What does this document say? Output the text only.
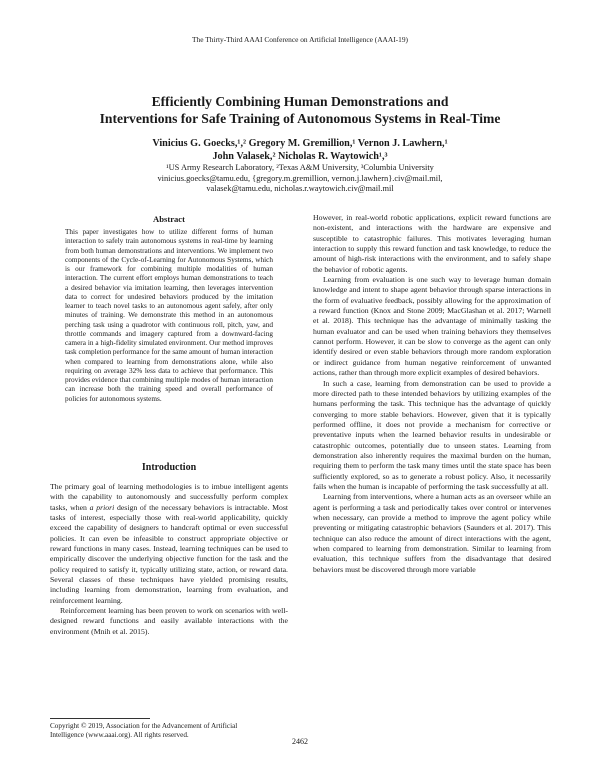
The Thirty-Third AAAI Conference on Artificial Intelligence (AAAI-19)
Efficiently Combining Human Demonstrations and
Interventions for Safe Training of Autonomous Systems in Real-Time
Vinicius G. Goecks,¹,² Gregory M. Gremillion,¹ Vernon J. Lawhern,¹
John Valasek,² Nicholas R. Waytowich¹,³
¹US Army Research Laboratory, ²Texas A&M University, ³Columbia University
vinicius.goecks@tamu.edu, {gregory.m.gremillion, vernon.j.lawhern}.civ@mail.mil,
valasek@tamu.edu, nicholas.r.waytowich.civ@mail.mil
Abstract
This paper investigates how to utilize different forms of human interaction to safely train autonomous systems in real-time by learning from both human demonstrations and interventions. We implement two components of the Cycle-of-Learning for Autonomous Systems, which is our framework for combining multiple modalities of human interaction. The current effort employs human demonstrations to teach a desired behavior via imitation learning, then leverages intervention data to correct for undesired behaviors produced by the imitation learner to teach novel tasks to an autonomous agent safely, after only minutes of training. We demonstrate this method in an autonomous perching task using a quadrotor with continuous roll, pitch, yaw, and throttle commands and imagery captured from a downward-facing camera in a high-fidelity simulated environment. Our method improves task completion performance for the same amount of human interaction when compared to learning from demonstrations alone, while also requiring on average 32% less data to achieve that performance. This provides evidence that combining multiple modes of human interaction can increase both the training speed and overall performance of policies for autonomous systems.
Introduction

The primary goal of learning methodologies is to imbue intelligent agents with the capability to autonomously and successfully perform complex tasks, when a priori design of the necessary behaviors is intractable. Most tasks of interest, especially those with real-world applicability, quickly exceed the capability of designers to handcraft optimal or even successful policies. It can even be infeasible to construct appropriate objective or reward functions in many cases. Instead, learning techniques can be used to empirically discover the underlying objective function for the task and the policy required to satisfy it, typically utilizing state, action, or reward data. Several classes of these techniques have yielded promising results, including learning from demonstration, learning from evaluation, and reinforcement learning.

Reinforcement learning has been proven to work on scenarios with well-designed reward functions and easily available interactions with the environment (Mnih et al. 2015).

However, in real-world robotic applications, explicit reward functions are non-existent, and interactions with the hardware are expensive and susceptible to catastrophic failures. This motivates leveraging human interaction to supply this reward function and task knowledge, to reduce the amount of high-risk interactions with the environment, and to safely shape the behavior of robotic agents.

Learning from evaluation is one such way to leverage human domain knowledge and intent to shape agent behavior through sparse interactions in the form of evaluative feedback, possibly allowing for the approximation of a reward function (Knox and Stone 2009; MacGlashan et al. 2017; Warnell et al. 2018). This technique has the advantage of minimally tasking the human evaluator and can be used when training behaviors they themselves cannot perform. However, it can be slow to converge as the agent can only identify desired or even stable behaviors through more random exploration or indirect guidance from human negative reinforcement of unwanted actions, rather than through more explicit examples of desired behaviors.

In such a case, learning from demonstration can be used to provide a more directed path to these intended behaviors by utilizing examples of the humans performing the task. This technique has the advantage of quickly converging to more stable behaviors. However, given that it is typically performed offline, it does not provide a mechanism for corrective or preventative inputs when the learned behavior results in undesirable or catastrophic outcomes, potentially due to unseen states. Learning from demonstration also inherently requires the maximal burden on the human, requiring them to perform the task many times until the state space has been sufficiently explored, so as to generate a robust policy. Also, it necessarily fails when the human is incapable of performing the task successfully at all.

Learning from interventions, where a human acts as an overseer while an agent is performing a task and periodically takes over control or intervenes when necessary, can provide a method to improve the agent policy while preventing or mitigating catastrophic behaviors (Saunders et al. 2017). This technique can also reduce the amount of direct interactions with the agent, when compared to learning from demonstration. Similar to learning from evaluation, this technique suffers from the disadvantage that desired behaviors must be discovered through more variable

Copyright © 2019, Association for the Advancement of Artificial
Intelligence (www.aaai.org). All rights reserved.
2462
